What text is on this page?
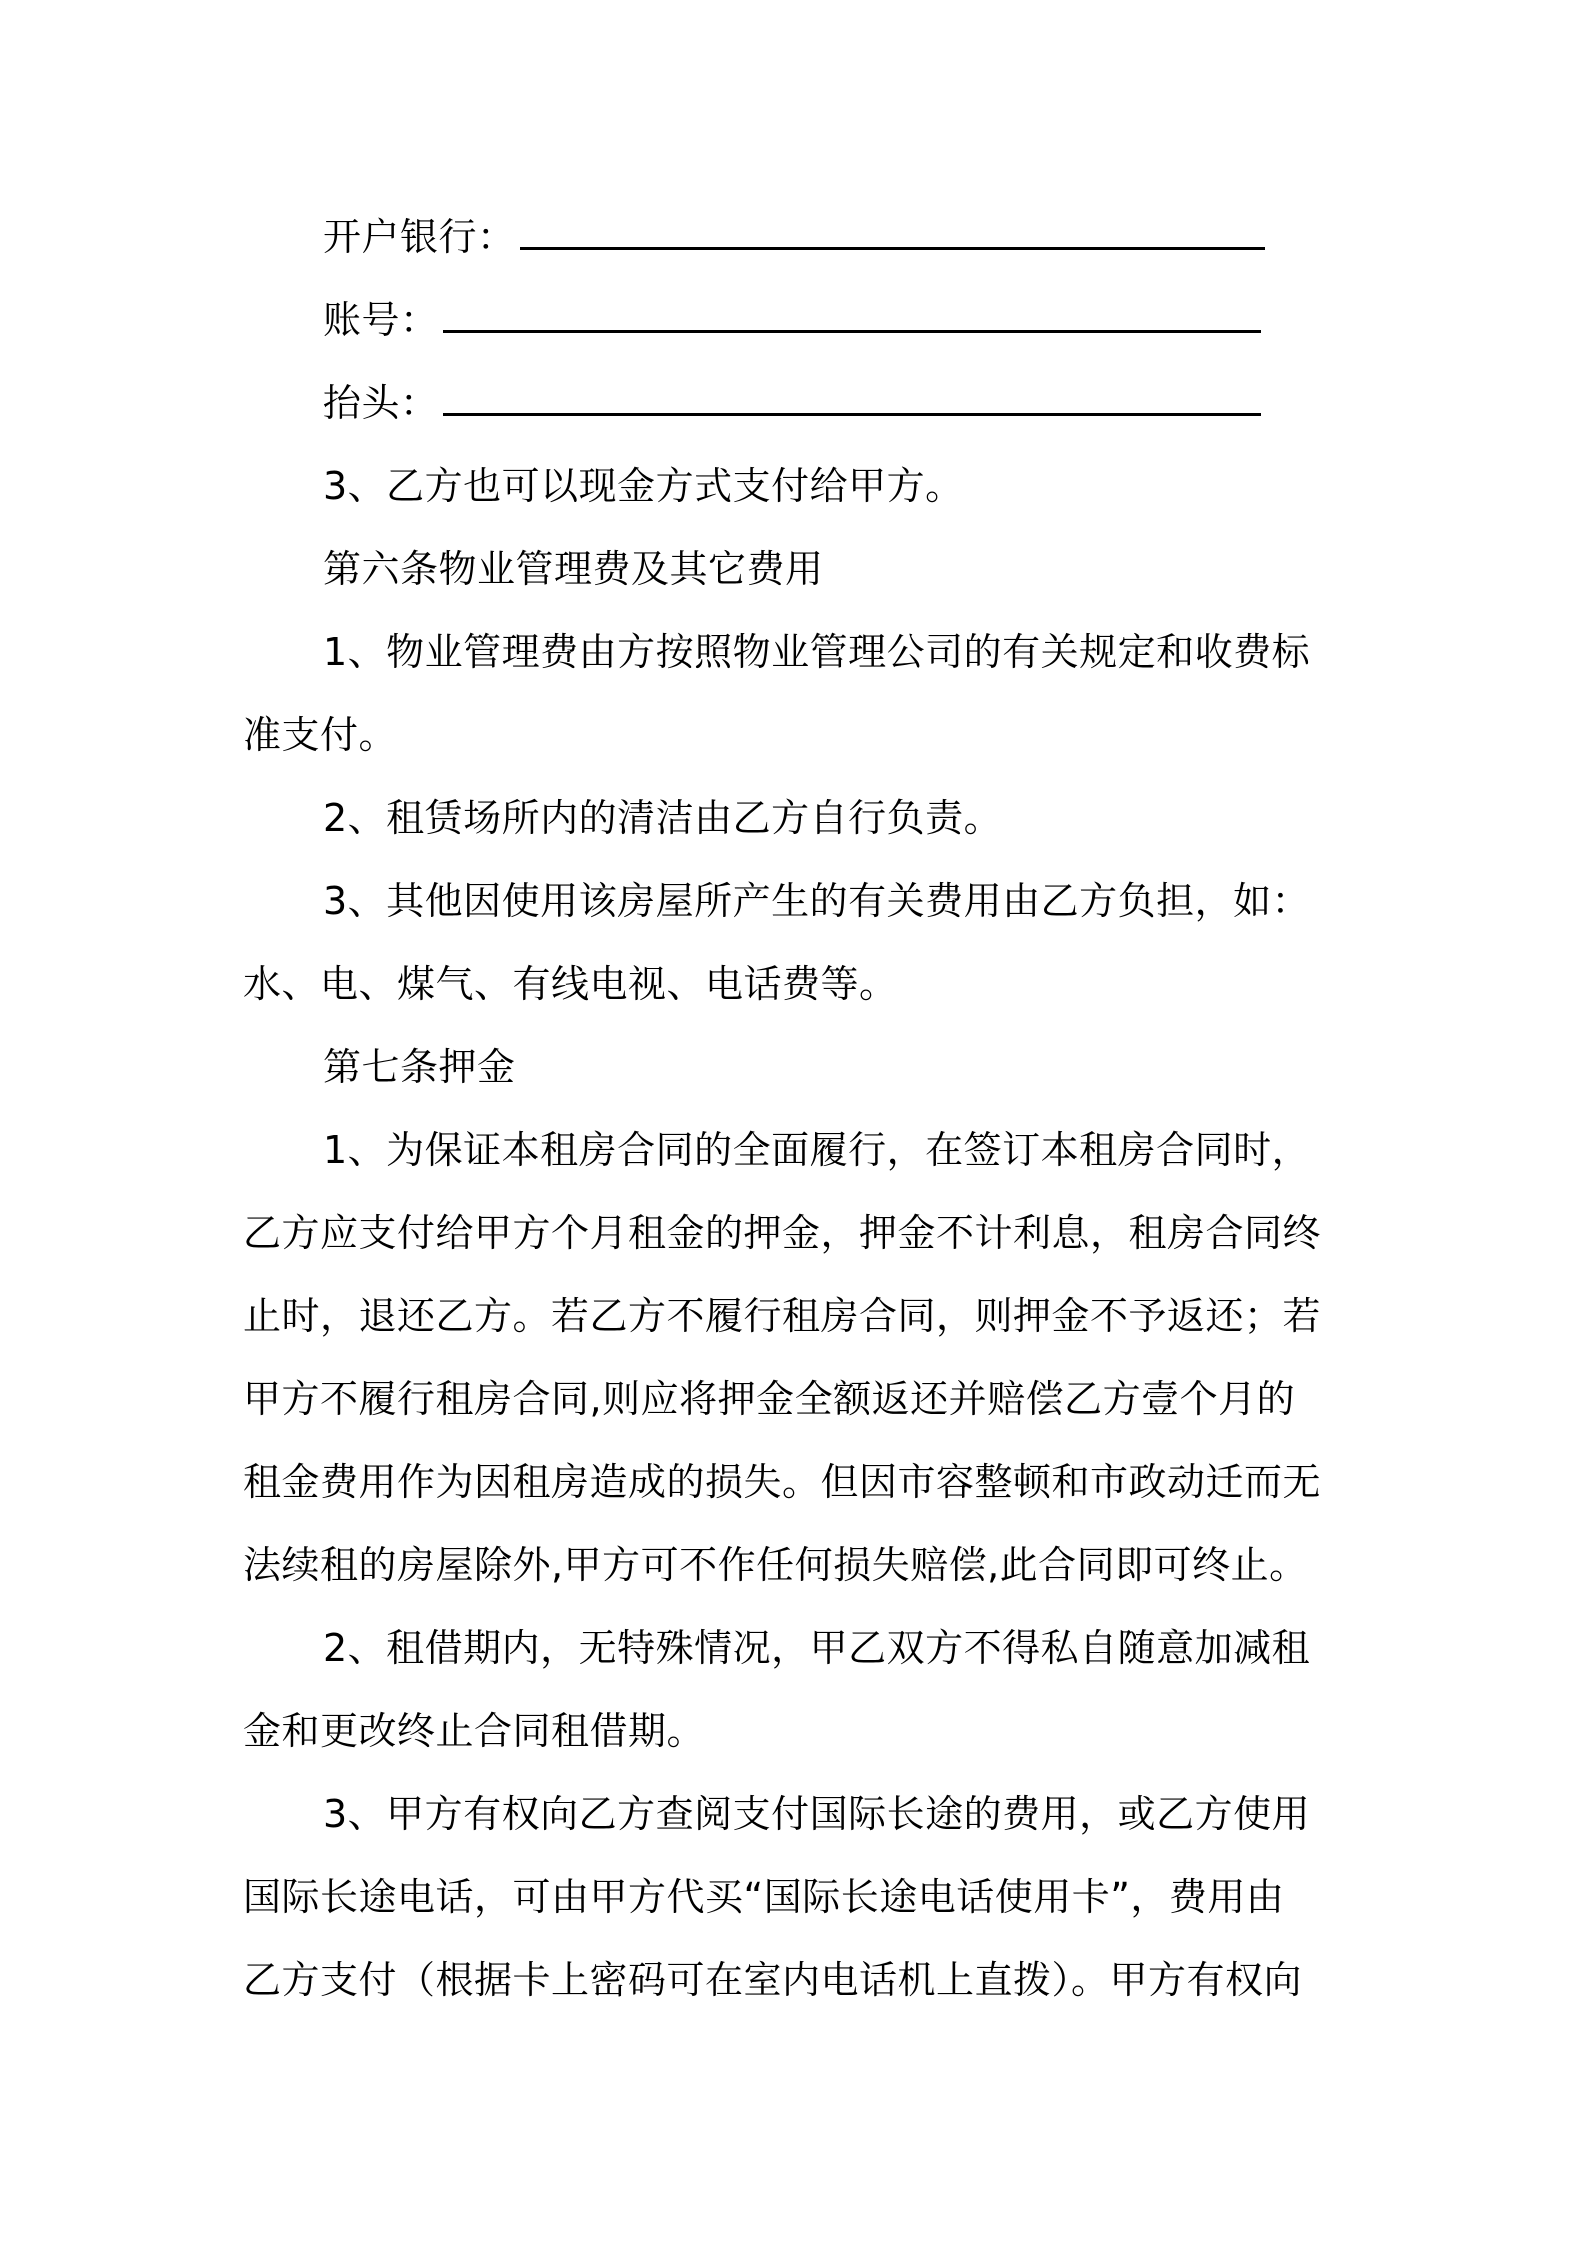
开户银行：
账号：
抬头：
3、乙方也可以现金方式支付给甲方。
第六条物业管理费及其它费用
1、物业管理费由方按照物业管理公司的有关规定和收费标
准支付。
2、租赁场所内的清洁由乙方自行负责。
3、其他因使用该房屋所产生的有关费用由乙方负担，如：
水、电、煤气、有线电视、电话费等。
第七条押金
1、为保证本租房合同的全面履行，在签订本租房合同时，
乙方应支付给甲方个月租金的押金，押金不计利息，租房合同终
止时，退还乙方。若乙方不履行租房合同，则押金不予返还；若
甲方不履行租房合同,则应将押金全额返还并赔偿乙方壹个月的
租金费用作为因租房造成的损失。但因市容整顿和市政动迁而无
法续租的房屋除外,甲方可不作任何损失赔偿,此合同即可终止。
2、租借期内，无特殊情况，甲乙双方不得私自随意加减租
金和更改终止合同租借期。
3、甲方有权向乙方查阅支付国际长途的费用，或乙方使用
国际长途电话，可由甲方代买“国际长途电话使用卡”，费用由
乙方支付（根据卡上密码可在室内电话机上直拨）。甲方有权向
